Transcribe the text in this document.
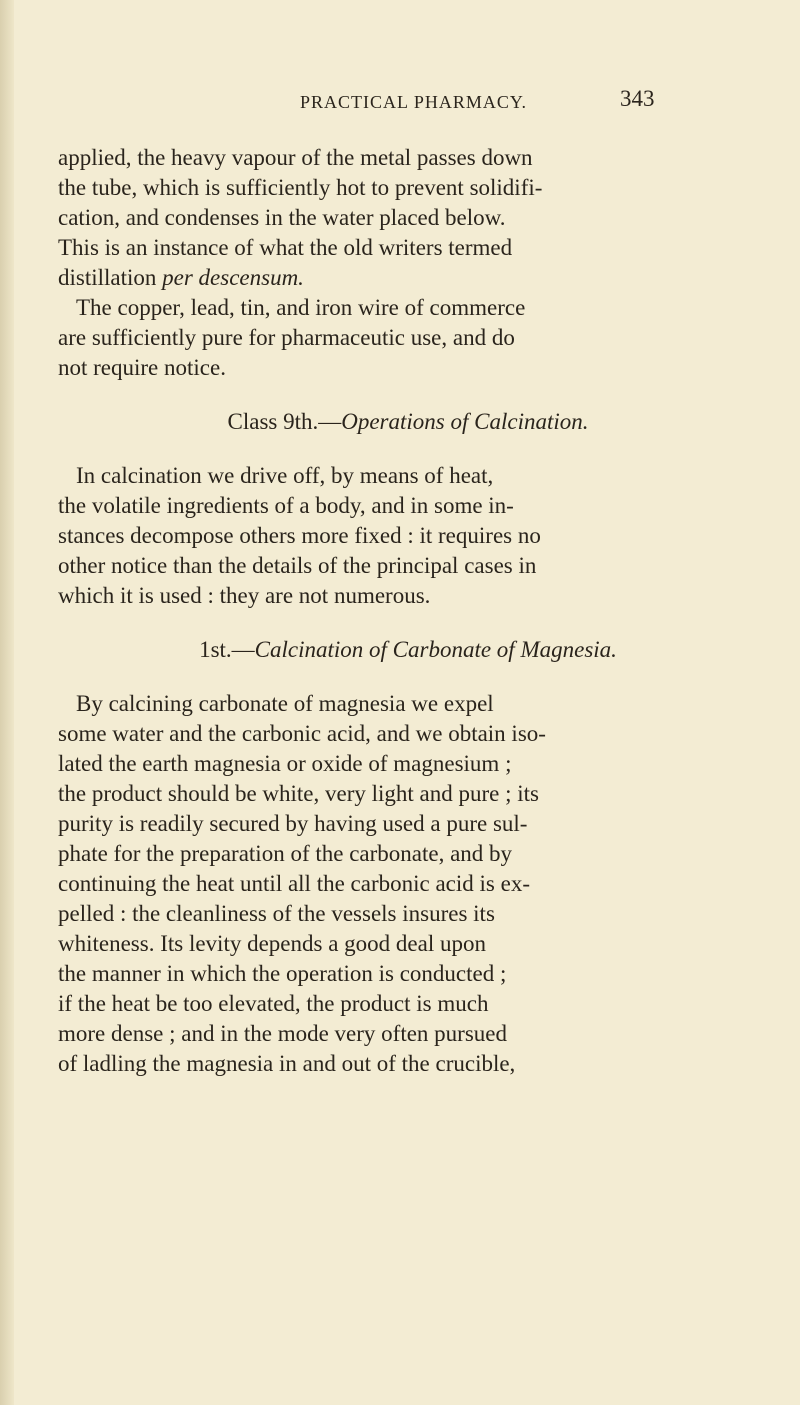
PRACTICAL PHARMACY.	343
applied, the heavy vapour of the metal passes down
the tube, which is sufficiently hot to prevent solidifi-
cation, and condenses in the water placed below.
This is an instance of what the old writers termed
distillation per descensum.
The copper, lead, tin, and iron wire of commerce
are sufficiently pure for pharmaceutic use, and do
not require notice.
Class 9th.—Operations of Calcination.
In calcination we drive off, by means of heat,
the volatile ingredients of a body, and in some in-
stances decompose others more fixed : it requires no
other notice than the details of the principal cases in
which it is used : they are not numerous.
1st.—Calcination of Carbonate of Magnesia.
By calcining carbonate of magnesia we expel
some water and the carbonic acid, and we obtain iso-
lated the earth magnesia or oxide of magnesium ;
the product should be white, very light and pure ; its
purity is readily secured by having used a pure sul-
phate for the preparation of the carbonate, and by
continuing the heat until all the carbonic acid is ex-
pelled : the cleanliness of the vessels insures its
whiteness. Its levity depends a good deal upon
the manner in which the operation is conducted ;
if the heat be too elevated, the product is much
more dense ; and in the mode very often pursued
of ladling the magnesia in and out of the crucible,
